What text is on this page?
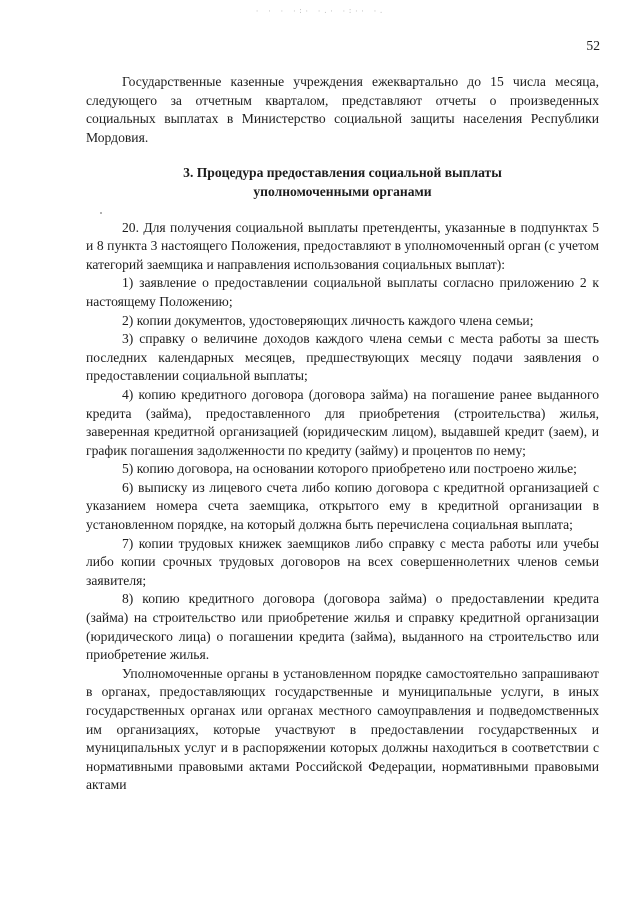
· · · ·:· ·.· ·:·· ·.
52

Государственные казенные учреждения ежеквартально до 15 числа месяца, следующего за отчетным кварталом, представляют отчеты о произведенных социальных выплатах в Министерство социальной защиты населения Республики Мордовия.

3. Процедура предоставления социальной выплаты
уполномоченными органами

20. Для получения социальной выплаты претенденты, указанные в подпунктах 5 и 8 пункта 3 настоящего Положения, предоставляют в уполномоченный орган (с учетом категорий заемщика и направления использования социальных выплат):

1) заявление о предоставлении социальной выплаты согласно приложению 2 к настоящему Положению;

2) копии документов, удостоверяющих личность каждого члена семьи;

3) справку о величине доходов каждого члена семьи с места работы за шесть последних календарных месяцев, предшествующих месяцу подачи заявления о предоставлении социальной выплаты;

4) копию кредитного договора (договора займа) на погашение ранее выданного кредита (займа), предоставленного для приобретения (строительства) жилья, заверенная кредитной организацией (юридическим лицом), выдавшей кредит (заем), и график погашения задолженности по кредиту (займу) и процентов по нему;

5) копию договора, на основании которого приобретено или построено жилье;

6) выписку из лицевого счета либо копию договора с кредитной организацией с указанием номера счета заемщика, открытого ему в кредитной организации в установленном порядке, на который должна быть перечислена социальная выплата;

7) копии трудовых книжек заемщиков либо справку с места работы или учебы либо копии срочных трудовых договоров на всех совершеннолетних членов семьи заявителя;

8) копию кредитного договора (договора займа) о предоставлении кредита (займа) на строительство или приобретение жилья и справку кредитной организации (юридического лица) о погашении кредита (займа), выданного на строительство или приобретение жилья.

Уполномоченные органы в установленном порядке самостоятельно запрашивают в органах, предоставляющих государственные и муниципальные услуги, в иных государственных органах или органах местного самоуправления и подведомственных им организациях, которые участвуют в предоставлении государственных и муниципальных услуг и в распоряжении которых должны находиться в соответствии с нормативными правовыми актами Российской Федерации, нормативными правовыми актами
